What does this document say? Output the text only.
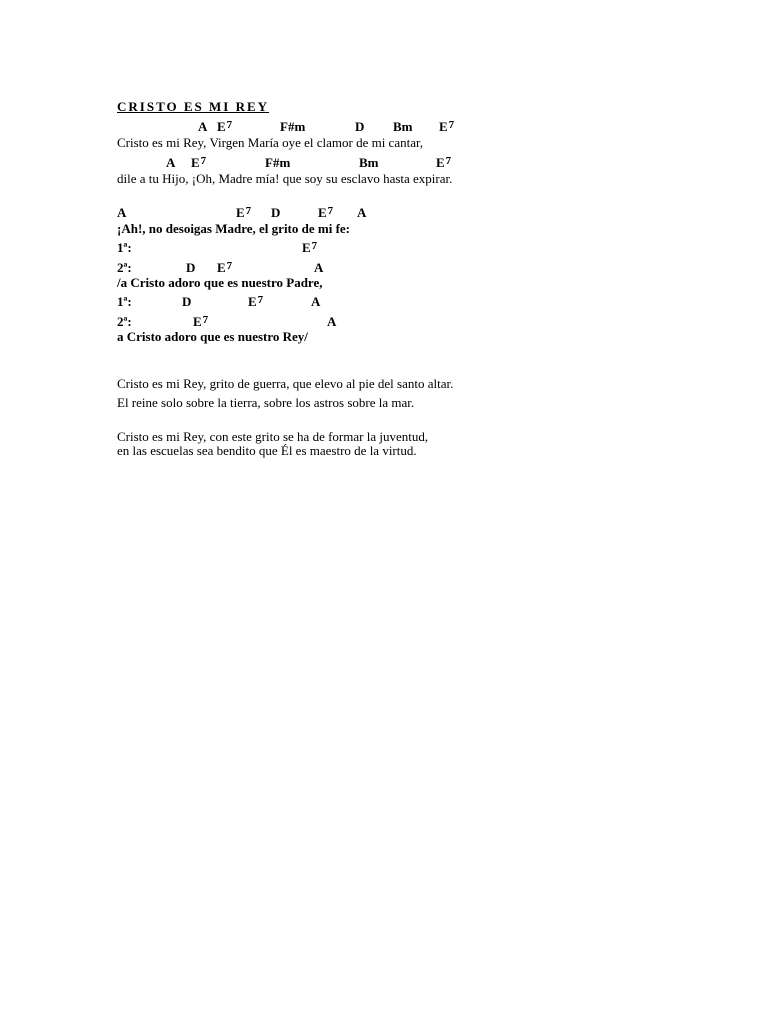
CRISTO ES MI REY
A $E^7$	F#m	D Bm $E^7$
Cristo es mi Rey, Virgen María oye el clamor de mi cantar,
A $E^7$	F#m	Bm	$E^7$
dile a tu Hijo, ¡Oh, Madre mía! que soy su esclavo hasta expirar.
A	$E^7$ D	$E^7$ A
¡Ah!, no desoigas Madre, el grito de mi fe:
1ª:	$E^7$
2ª:	D $E^7$	A
/a Cristo adoro que es nuestro Padre,
1ª:	D	$E^7$	A
2ª:	$E^7$	A
a Cristo adoro que es nuestro Rey/
Cristo es mi Rey, grito de guerra, que elevo al pie del santo altar.
El reine solo sobre la tierra, sobre los astros sobre la mar.
Cristo es mi Rey, con este grito se ha de formar la juventud,
en las escuelas sea bendito que Él es maestro de la virtud.
